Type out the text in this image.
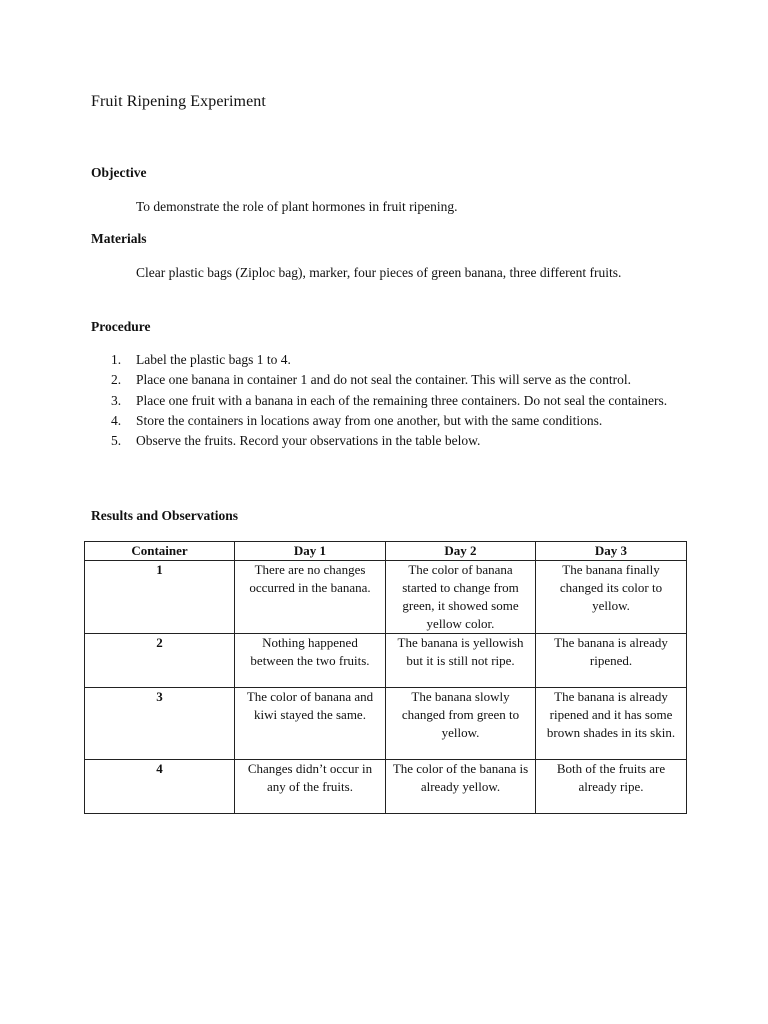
Fruit Ripening Experiment
Objective

To demonstrate the role of plant hormones in fruit ripening.

Materials

Clear plastic bags (Ziploc bag), marker, four pieces of green banana, three different fruits.

Procedure
1. Label the plastic bags 1 to 4.
2. Place one banana in container 1 and do not seal the container. This will serve as the control.
3. Place one fruit with a banana in each of the remaining three containers. Do not seal the containers.
4. Store the containers in locations away from one another, but with the same conditions.
5. Observe the fruits. Record your observations in the table below.
Results and Observations
Container	Day 1	Day 2	Day 3
1	There are no changes occurred in the banana.	The color of banana started to change from green, it showed some yellow color.	The banana finally changed its color to yellow.
2	Nothing happened between the two fruits.	The banana is yellowish but it is still not ripe.	The banana is already ripened.
3	The color of banana and kiwi stayed the same.	The banana slowly changed from green to yellow.	The banana is already ripened and it has some brown shades in its skin.
4	Changes didn’t occur in any of the fruits.	The color of the banana is already yellow.	Both of the fruits are already ripe.
